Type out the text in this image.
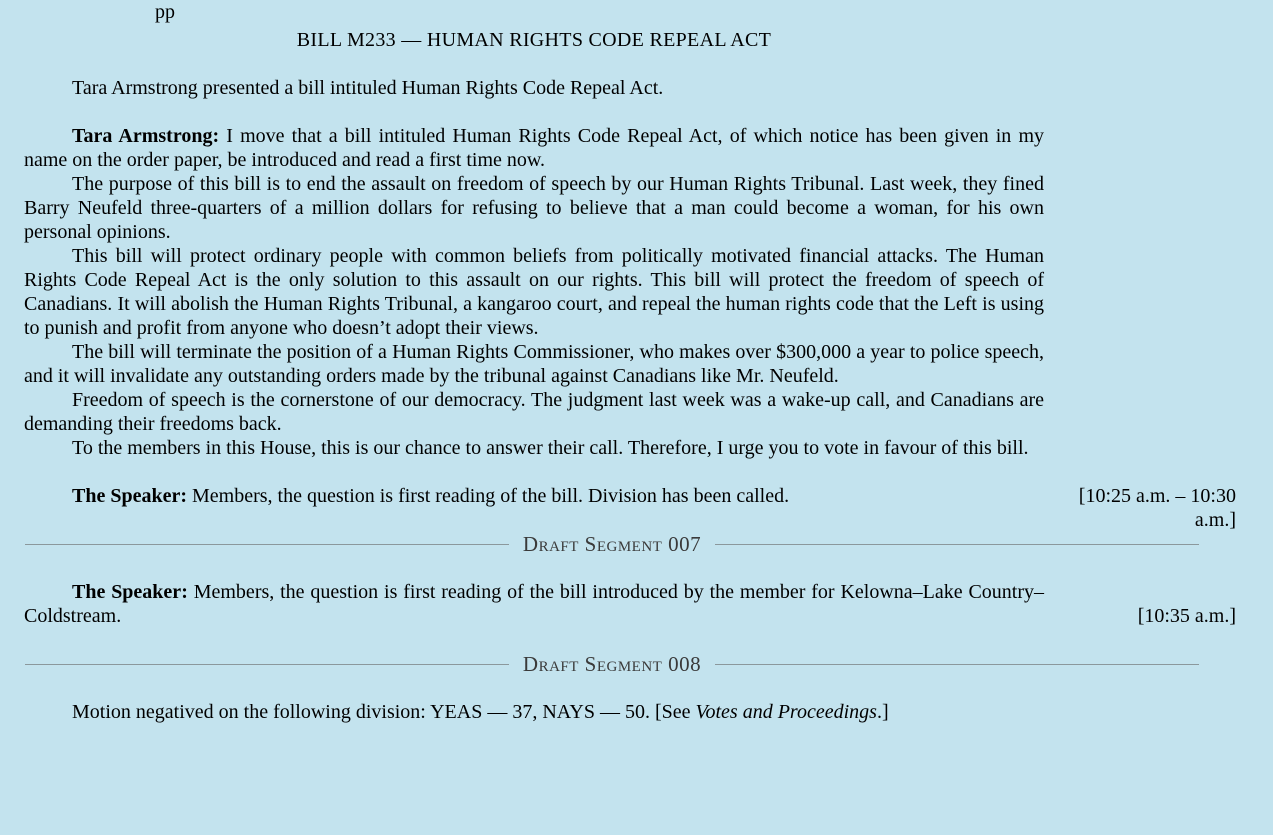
pp
BILL M233 — HUMAN RIGHTS CODE REPEAL ACT

Tara Armstrong presented a bill intituled Human Rights Code Repeal Act.

Tara Armstrong: I move that a bill intituled Human Rights Code Repeal Act, of which notice has been given in my name on the order paper, be introduced and read a first time now.

The purpose of this bill is to end the assault on freedom of speech by our Human Rights Tribunal. Last week, they fined Barry Neufeld three-quarters of a million dollars for refusing to believe that a man could become a woman, for his own personal opinions.

This bill will protect ordinary people with common beliefs from politically motivated financial attacks. The Human Rights Code Repeal Act is the only solution to this assault on our rights. This bill will protect the freedom of speech of Canadians. It will abolish the Human Rights Tribunal, a kangaroo court, and repeal the human rights code that the Left is using to punish and profit from anyone who doesn’t adopt their views.

The bill will terminate the position of a Human Rights Commissioner, who makes over $300,000 a year to police speech, and it will invalidate any outstanding orders made by the tribunal against Canadians like Mr. Neufeld.

Freedom of speech is the cornerstone of our democracy. The judgment last week was a wake-up call, and Canadians are demanding their freedoms back.

To the members in this House, this is our chance to answer their call. Therefore, I urge you to vote in favour of this bill.

The Speaker: Members, the question is first reading of the bill. Division has been called.	[10:25 a.m. – 10:30 a.m.]
Draft Segment 007

The Speaker: Members, the question is first reading of the bill introduced by the member for Kelowna–Lake Country–Coldstream.	[10:35 a.m.]
Draft Segment 008

Motion negatived on the following division: YEAS — 37, NAYS — 50. [See Votes and Proceedings.]
